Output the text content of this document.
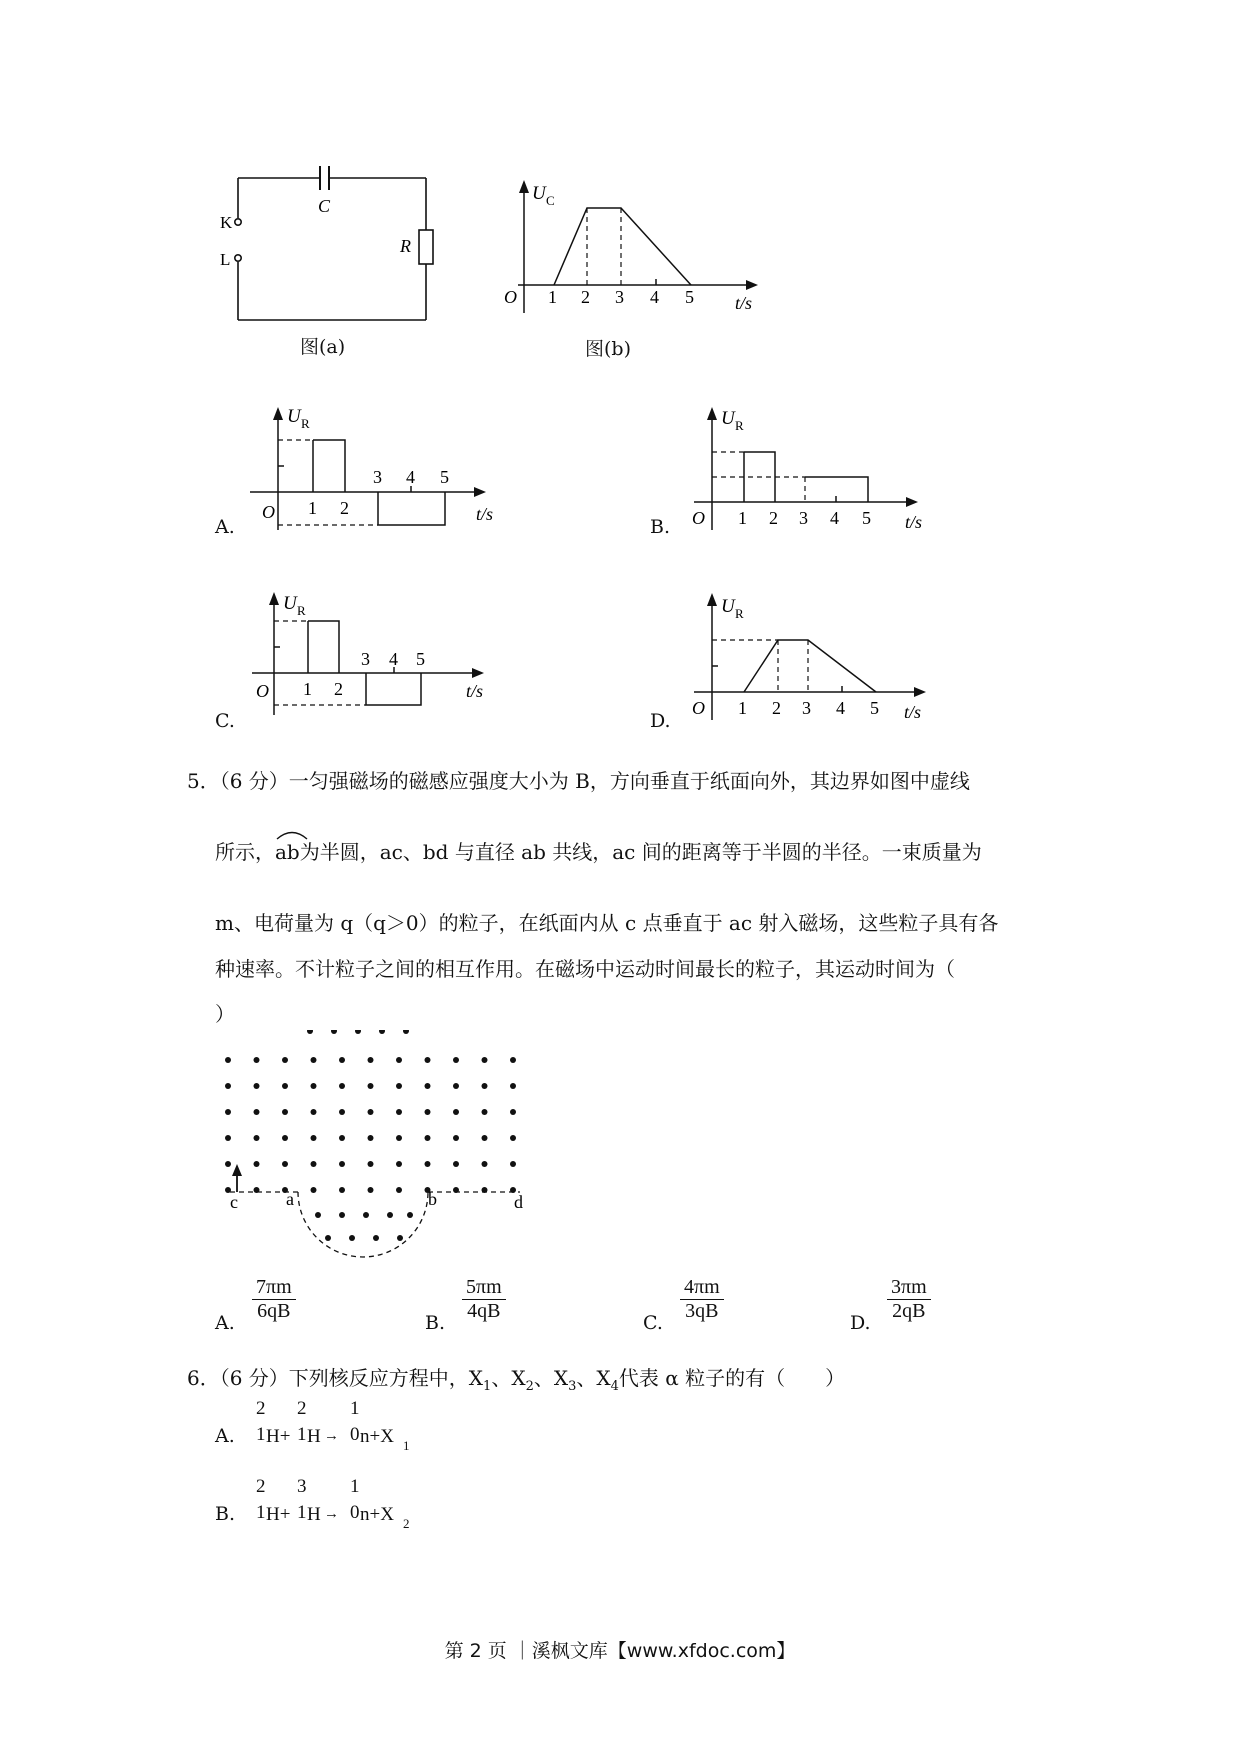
K
L
C
R
图(a)
U C
O 1 2 3 4 5 t/s
图(b)
A.
U R
O 1 2
3 4 5
t/s
B.
U R
O 1 2 3 4 5 t/s
C.
U R
O 1 2
3 4 5
t/s
D.
U R
O 1 2 3 4 5 t/s
5．（6 分）一匀强磁场的磁感应强度大小为 B，方向垂直于纸面向外，其边界如图中虚线
所示，
ab为半圆，ac、bd 与直径 ab 共线，ac 间的距离等于半圆的半径。一束质量为
m、电荷量为 q（q＞0）的粒子，在纸面内从 c 点垂直于 ac 射入磁场，这些粒子具有各
种速率。不计粒子之间的相互作用。在磁场中运动时间最长的粒子，其运动时间为（
）
c	a	b	d
A. $\frac{7\pi m}{6qB}$	B. $\frac{5\pi m}{4qB}$	C. $\frac{4\pi m}{3qB}$	D. $\frac{3\pi m}{2qB}$
6．（6 分）下列核反应方程中，$X_1$、$X_2$、$X_3$、$X_4$代表 α 粒子的有（　　）
A.
2
1 H+
2
1 H →
1
0 n+X 1
B.
2
1 H+
3
1 H →
1
0 n+X 2
第 2 页 ｜溪枫文库【www.xfdoc.com】
